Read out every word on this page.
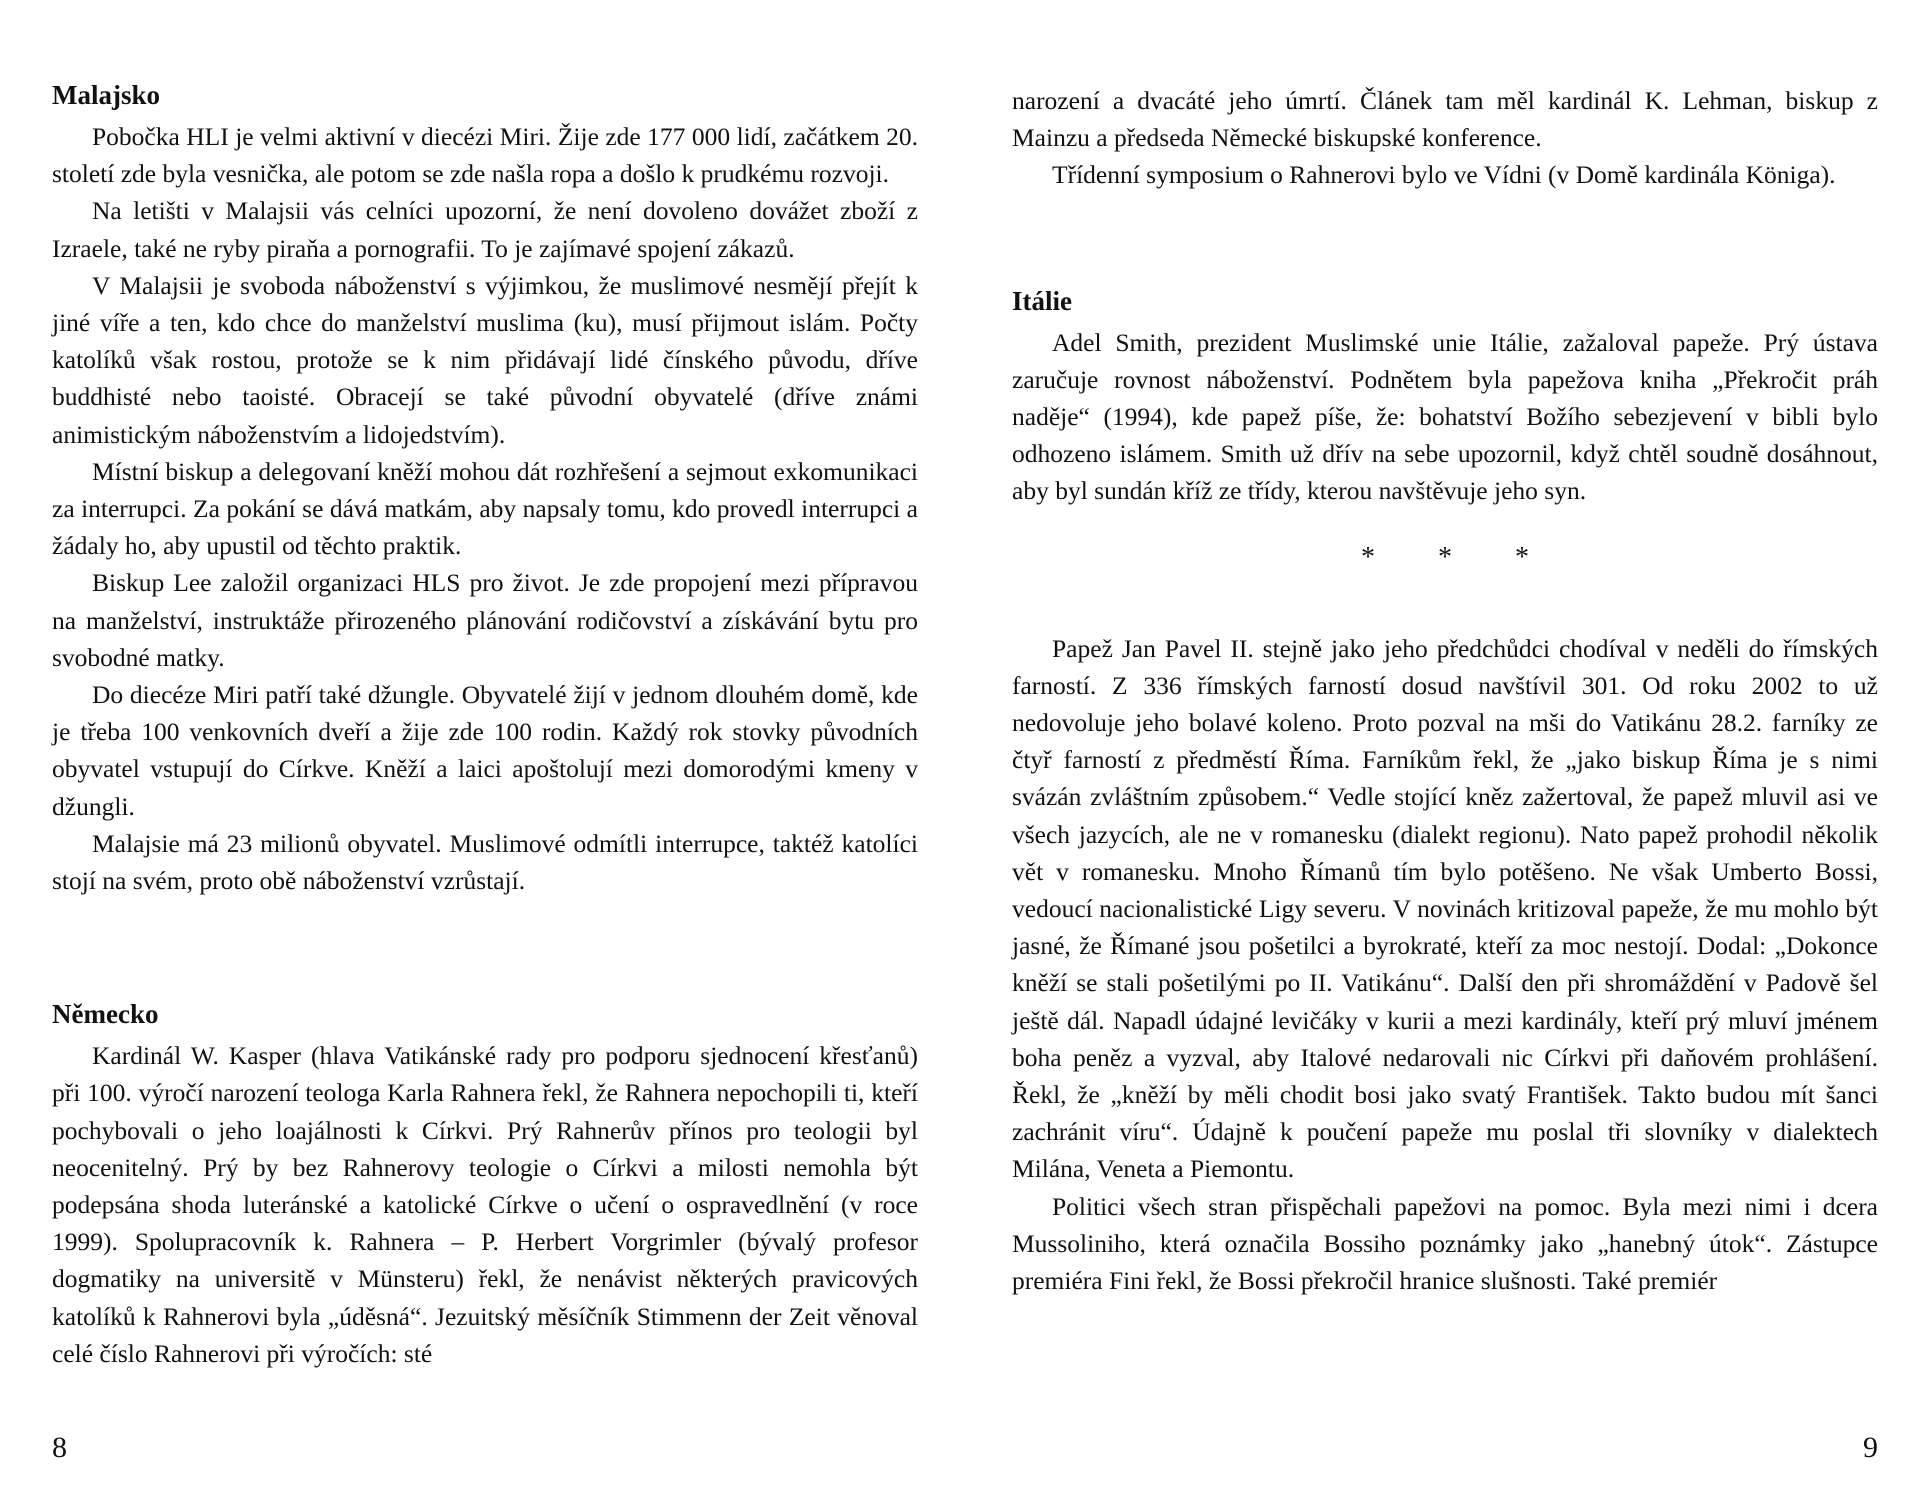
Malajsko

Pobočka HLI je velmi aktivní v diecézi Miri. Žije zde 177 000 lidí, začátkem 20. století zde byla vesnička, ale potom se zde našla ropa a došlo k prudkému rozvoji.

Na letišti v Malajsii vás celníci upozorní, že není dovoleno dovážet zboží z Izraele, také ne ryby piraňa a pornografii. To je zajímavé spojení zákazů.

V Malajsii je svoboda náboženství s výjimkou, že muslimové nesmějí přejít k jiné víře a ten, kdo chce do manželství muslima (ku), musí přijmout islám. Počty katolíků však rostou, protože se k nim přidávají lidé čínského původu, dříve buddhisté nebo taoisté. Obracejí se také původní obyvatelé (dříve známi animistickým náboženstvím a lidojedstvím).

Místní biskup a delegovaní kněží mohou dát rozhřešení a sejmout exkomunikaci za interrupci. Za pokání se dává matkám, aby napsaly tomu, kdo provedl interrupci a žádaly ho, aby upustil od těchto praktik.

Biskup Lee založil organizaci HLS pro život. Je zde propojení mezi přípravou na manželství, instruktáže přirozeného plánování rodičovství a získávání bytu pro svobodné matky.

Do diecéze Miri patří také džungle. Obyvatelé žijí v jednom dlouhém domě, kde je třeba 100 venkovních dveří a žije zde 100 rodin. Každý rok stovky původních obyvatel vstupují do Církve. Kněží a laici apoštolují mezi domorodými kmeny v džungli.

Malajsie má 23 milionů obyvatel. Muslimové odmítli interrupce, taktéž katolíci stojí na svém, proto obě náboženství vzrůstají.

Německo

Kardinál W. Kasper (hlava Vatikánské rady pro podporu sjednocení křesťanů) při 100. výročí narození teologa Karla Rahnera řekl, že Rahnera nepochopili ti, kteří pochybovali o jeho loajálnosti k Církvi. Prý Rahnerův přínos pro teologii byl neocenitelný. Prý by bez Rahnerovy teologie o Církvi a milosti nemohla být podepsána shoda luteránské a katolické Církve o učení o ospravedlnění (v roce 1999). Spolupracovník k. Rahnera – P. Herbert Vorgrimler (bývalý profesor dogmatiky na universitě v Münsteru) řekl, že nenávist některých pravicových katolíků k Rahnerovi byla „úděsná“. Jezuitský měsíčník Stimmenn der Zeit věnoval celé číslo Rahnerovi při výročích: sté

8

narození a dvacáté jeho úmrtí. Článek tam měl kardinál K. Lehman, biskup z Mainzu a předseda Německé biskupské konference.

Třídenní symposium o Rahnerovi bylo ve Vídni (v Domě kardinála Königa).

Itálie

Adel Smith, prezident Muslimské unie Itálie, zažaloval papeže. Prý ústava zaručuje rovnost náboženství. Podnětem byla papežova kniha „Překročit práh naděje“ (1994), kde papež píše, že: bohatství Božího sebezjevení v bibli bylo odhozeno islámem. Smith už dřív na sebe upozornil, když chtěl soudně dosáhnout, aby byl sundán kříž ze třídy, kterou navštěvuje jeho syn.

* * *

Papež Jan Pavel II. stejně jako jeho předchůdci chodíval v neděli do římských farností. Z 336 římských farností dosud navštívil 301. Od roku 2002 to už nedovoluje jeho bolavé koleno. Proto pozval na mši do Vatikánu 28.2. farníky ze čtyř farností z předměstí Říma. Farníkům řekl, že „jako biskup Říma je s nimi svázán zvláštním způsobem.“ Vedle stojící kněz zažertoval, že papež mluvil asi ve všech jazycích, ale ne v romanesku (dialekt regionu). Nato papež prohodil několik vět v romanesku. Mnoho Římanů tím bylo potěšeno. Ne však Umberto Bossi, vedoucí nacionalistické Ligy severu. V novinách kritizoval papeže, že mu mohlo být jasné, že Římané jsou pošetilci a byrokraté, kteří za moc nestojí. Dodal: „Dokonce kněží se stali pošetilými po II. Vatikánu“. Další den při shromáždění v Padově šel ještě dál. Napadl údajné levičáky v kurii a mezi kardinály, kteří prý mluví jménem boha peněz a vyzval, aby Italové nedarovali nic Církvi při daňovém prohlášení. Řekl, že „kněží by měli chodit bosi jako svatý František. Takto budou mít šanci zachránit víru“. Údajně k poučení papeže mu poslal tři slovníky v dialektech Milána, Veneta a Piemontu.

Politici všech stran přispěchali papežovi na pomoc. Byla mezi nimi i dcera Mussoliniho, která označila Bossiho poznámky jako „hanebný útok“. Zástupce premiéra Fini řekl, že Bossi překročil hranice slušnosti. Také premiér

9
